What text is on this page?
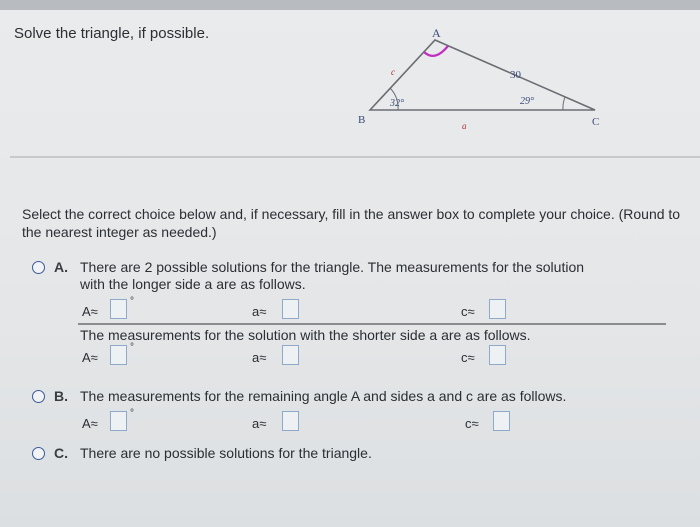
Solve the triangle, if possible.	A
B	C
c
a
30
32°	29°
Select the correct choice below and, if necessary, fill in the answer box to complete your choice. (Round to the nearest integer as needed.)
A. There are 2 possible solutions for the triangle. The measurements for the solution
with the longer side a are as follows.
A≈
°
a≈	c≈
The measurements for the solution with the shorter side a are as follows.
A≈
°
a≈	c≈
B. The measurements for the remaining angle A and sides a and c are as follows.
A≈
°
a≈	c≈
C. There are no possible solutions for the triangle.
